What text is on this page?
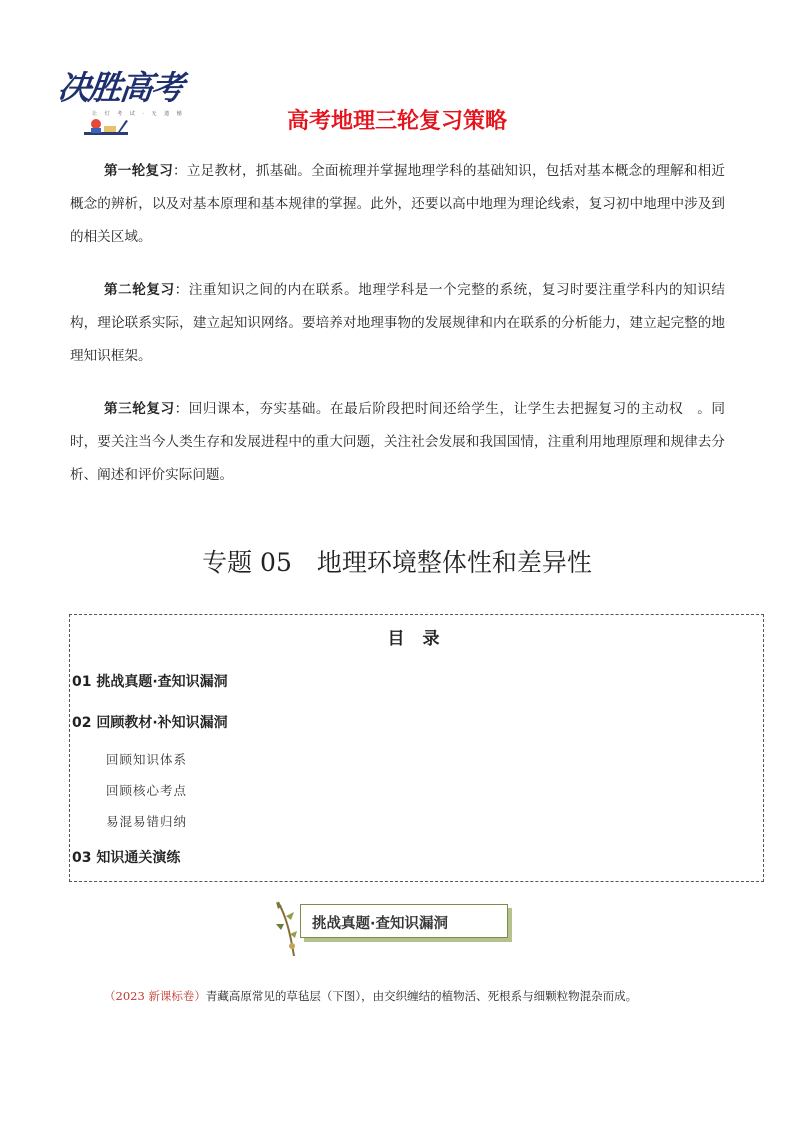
决胜高考
让 灯 考 试 · 无 遗 憾	高考地理三轮复习策略
第一轮复习：立足教材，抓基础。全面梳理并掌握地理学科的基础知识，包括对基本概念的理解和相近概念的辨析，以及对基本原理和基本规律的掌握。此外，还要以高中地理为理论线索，复习初中地理中涉及到的相关区域。
第二轮复习：注重知识之间的内在联系。地理学科是一个完整的系统，复习时要注重学科内的知识结构，理论联系实际，建立起知识网络。要培养对地理事物的发展规律和内在联系的分析能力，建立起完整的地理知识框架。
第三轮复习：回归课本，夯实基础。在最后阶段把时间还给学生，让学生去把握复习的主动权　。同时，要关注当今人类生存和发展进程中的重大问题，关注社会发展和我国国情，注重利用地理原理和规律去分析、阐述和评价实际问题。
专题 05　地理环境整体性和差异性
目 录
01 挑战真题·查知识漏洞
02 回顾教材·补知识漏洞
回顾知识体系
回顾核心考点
易混易错归纳
03 知识通关演练
挑战真题·查知识漏洞
（2023 新课标卷）青藏高原常见的草毡层（下图），由交织缠结的植物活、死根系与细颗粒物混杂而成。
